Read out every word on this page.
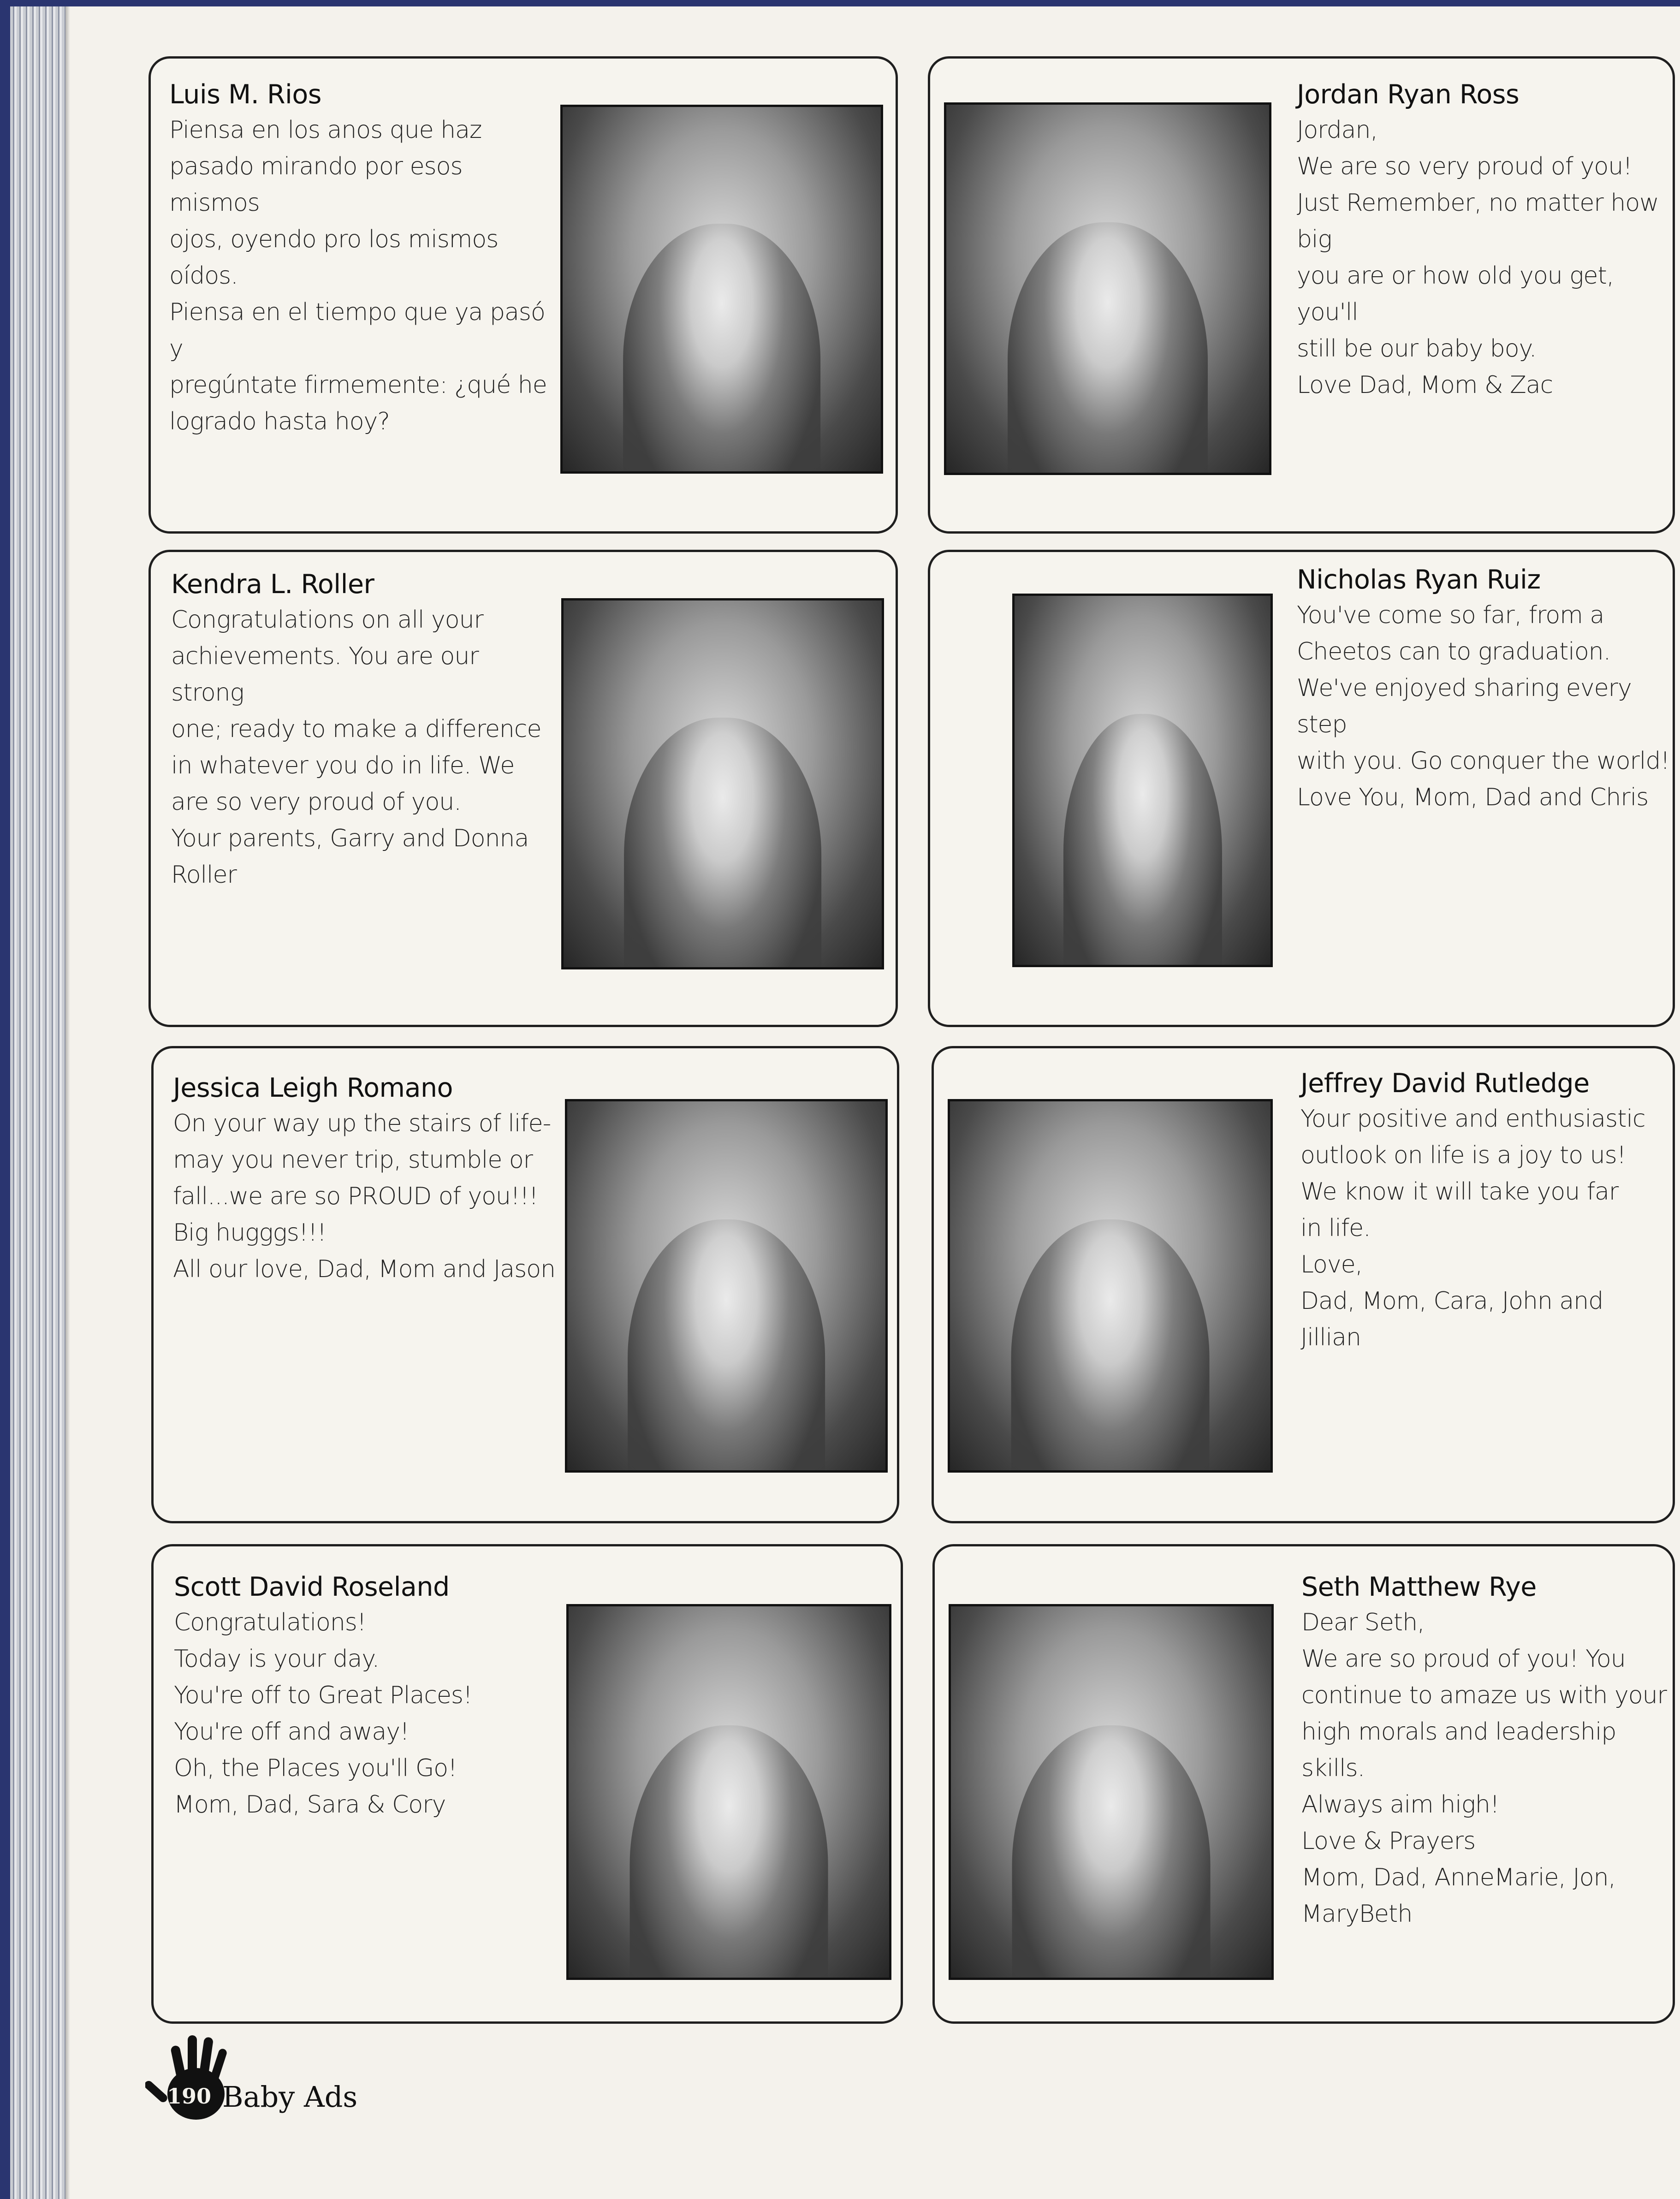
Luis M. Rios
Piensa en los anos que haz
pasado mirando por esos mismos
ojos, oyendo pro los mismos oídos.
Piensa en el tiempo que ya pasó y
pregúntate firmemente: ¿qué he
logrado hasta hoy?
Jordan Ryan Ross
Jordan,
We are so very proud of you!
Just Remember, no matter how big
you are or how old you get, you'll
still be our baby boy.
Love Dad, Mom & Zac
Kendra L. Roller
Congratulations on all your
achievements. You are our strong
one; ready to make a difference
in whatever you do in life. We
are so very proud of you.
Your parents, Garry and Donna
Roller
Nicholas Ryan Ruiz
You've come so far, from a
Cheetos can to graduation.
We've enjoyed sharing every step
with you. Go conquer the world!
Love You, Mom, Dad and Chris
Jessica Leigh Romano
On your way up the stairs of life-
may you never trip, stumble or
fall...we are so PROUD of you!!!
Big hugggs!!!
All our love, Dad, Mom and Jason
Jeffrey David Rutledge
Your positive and enthusiastic
outlook on life is a joy to us!
We know it will take you far
in life.
Love,
Dad, Mom, Cara, John and
Jillian
Scott David Roseland
Congratulations!
Today is your day.
You're off to Great Places!
You're off and away!
Oh, the Places you'll Go!
Mom, Dad, Sara & Cory
Seth Matthew Rye
Dear Seth,
We are so proud of you! You
continue to amaze us with your
high morals and leadership skills.
Always aim high!
Love & Prayers
Mom, Dad, AnneMarie, Jon,
MaryBeth
190 Baby Ads
